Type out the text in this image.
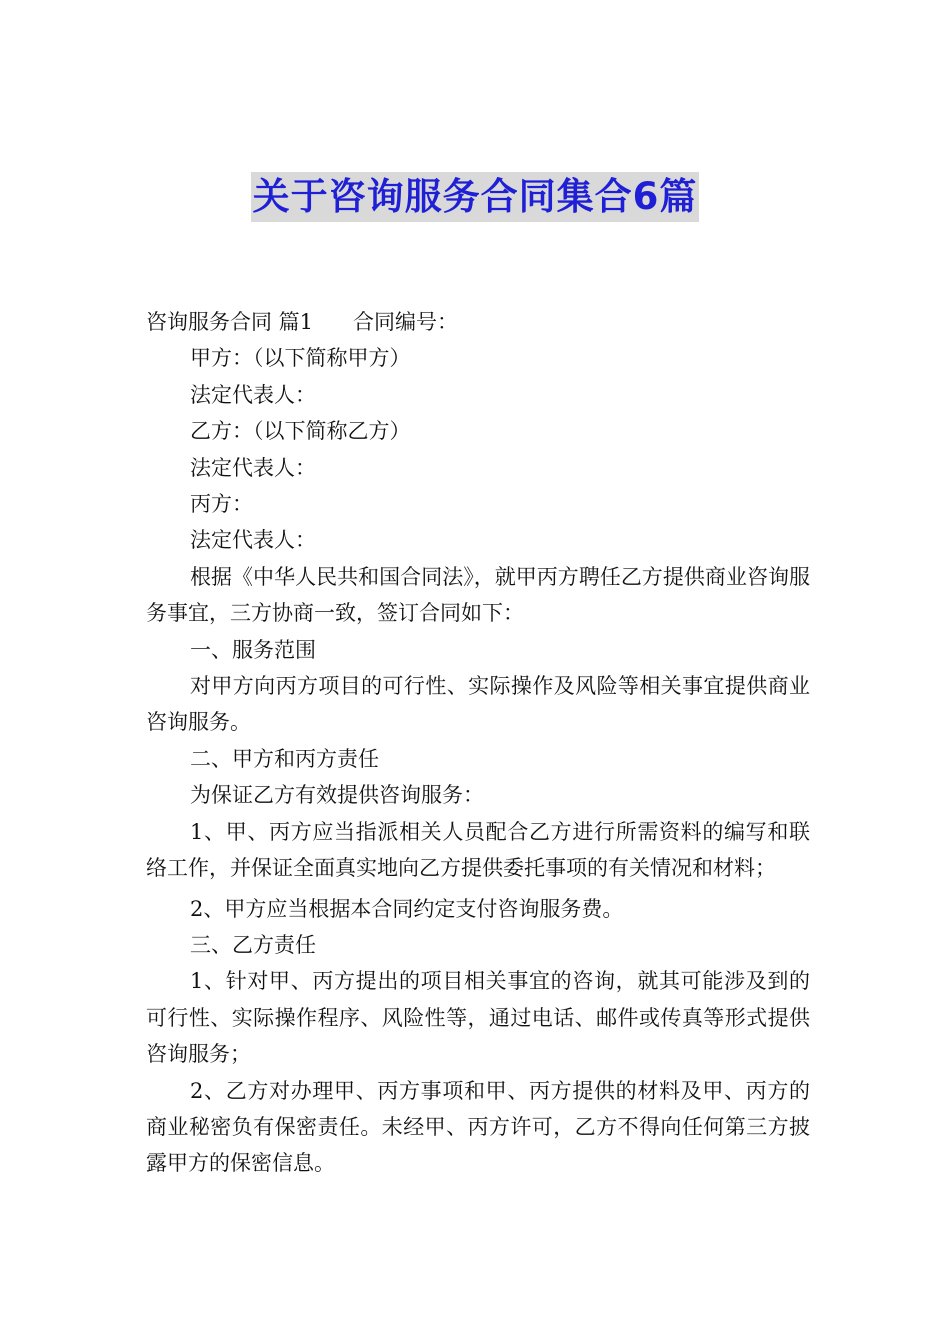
关于咨询服务合同集合6篇

咨询服务合同 篇1 合同编号：

甲方：（以下简称甲方）

法定代表人：

乙方：（以下简称乙方）

法定代表人：

丙方：

法定代表人：

根据《中华人民共和国合同法》，就甲丙方聘任乙方提供商业咨询服务事宜，三方协商一致，签订合同如下：

一、服务范围

对甲方向丙方项目的可行性、实际操作及风险等相关事宜提供商业咨询服务。

二、甲方和丙方责任

为保证乙方有效提供咨询服务：

1、甲、丙方应当指派相关人员配合乙方进行所需资料的编写和联络工作，并保证全面真实地向乙方提供委托事项的有关情况和材料；

2、甲方应当根据本合同约定支付咨询服务费。

三、乙方责任

1、针对甲、丙方提出的项目相关事宜的咨询，就其可能涉及到的可行性、实际操作程序、风险性等，通过电话、邮件或传真等形式提供咨询服务；

2、乙方对办理甲、丙方事项和甲、丙方提供的材料及甲、丙方的商业秘密负有保密责任。未经甲、丙方许可，乙方不得向任何第三方披露甲方的保密信息。
